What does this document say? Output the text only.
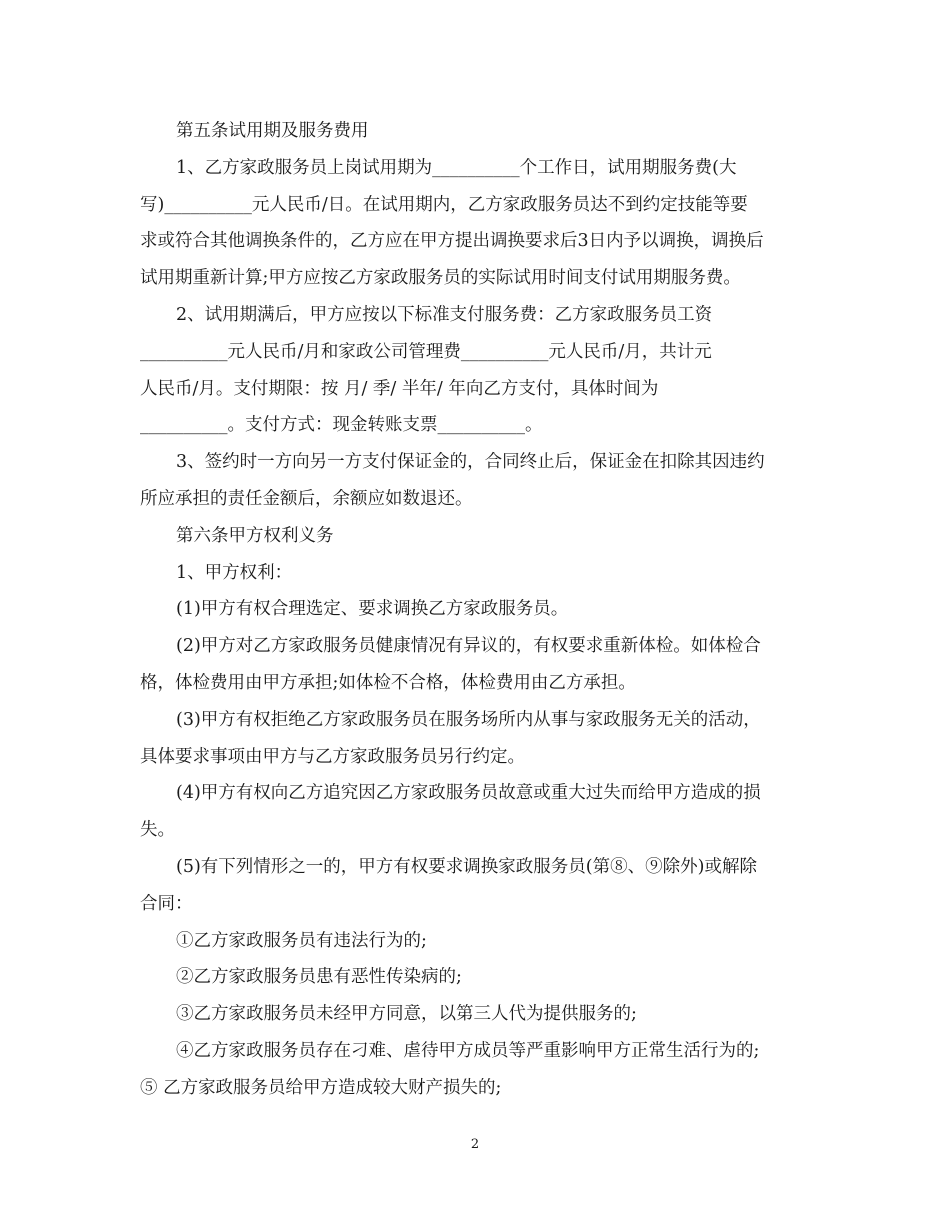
第五条试用期及服务费用

1、乙方家政服务员上岗试用期为__________个工作日，试用期服务费(大
写)__________元人民币/日。在试用期内，乙方家政服务员达不到约定技能等要
求或符合其他调换条件的，乙方应在甲方提出调换要求后3日内予以调换，调换后
试用期重新计算;甲方应按乙方家政服务员的实际试用时间支付试用期服务费。

2、试用期满后，甲方应按以下标准支付服务费：乙方家政服务员工资
__________元人民币/月和家政公司管理费__________元人民币/月，共计元
人民币/月。支付期限：按 月/ 季/ 半年/ 年向乙方支付，具体时间为
__________。支付方式：现金转账支票__________。

3、签约时一方向另一方支付保证金的，合同终止后，保证金在扣除其因违约
所应承担的责任金额后，余额应如数退还。

第六条甲方权利义务

1、甲方权利：

(1)甲方有权合理选定、要求调换乙方家政服务员。

(2)甲方对乙方家政服务员健康情况有异议的，有权要求重新体检。如体检合
格，体检费用由甲方承担;如体检不合格，体检费用由乙方承担。

(3)甲方有权拒绝乙方家政服务员在服务场所内从事与家政服务无关的活动，
具体要求事项由甲方与乙方家政服务员另行约定。

(4)甲方有权向乙方追究因乙方家政服务员故意或重大过失而给甲方造成的损
失。

(5)有下列情形之一的，甲方有权要求调换家政服务员(第⑧、⑨除外)或解除
合同：

①乙方家政服务员有违法行为的;

②乙方家政服务员患有恶性传染病的;

③乙方家政服务员未经甲方同意，以第三人代为提供服务的;

④乙方家政服务员存在刁难、虐待甲方成员等严重影响甲方正常生活行为的;
⑤ 乙方家政服务员给甲方造成较大财产损失的;

2
